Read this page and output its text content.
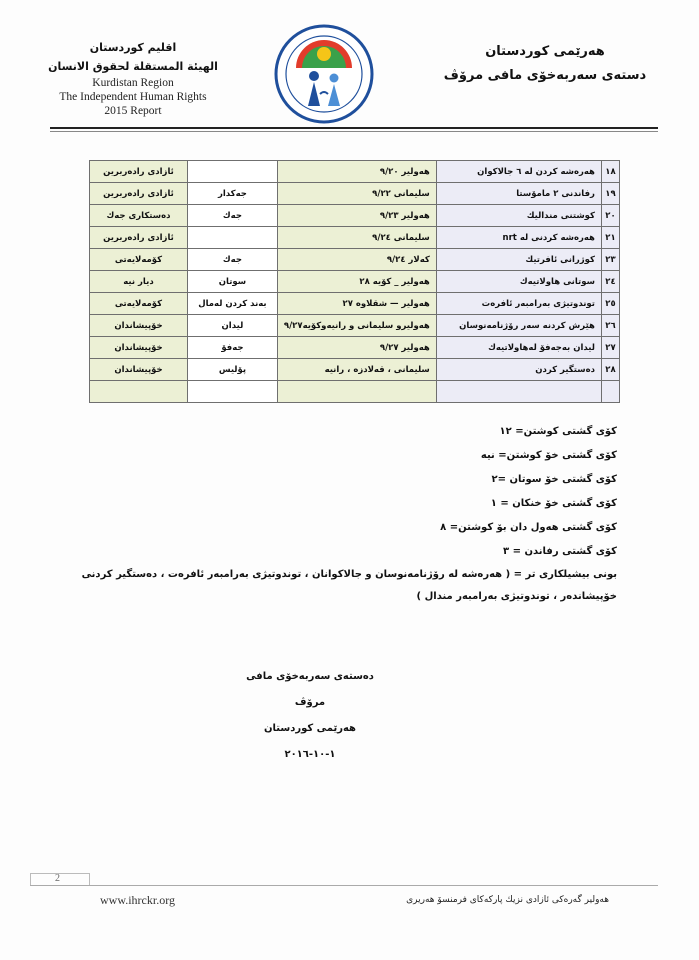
اقليم كوردستان
الهيئة المستقلة لحقوق الانسان
Kurdistan Region
The Independent Human Rights
2015 Report
هەرێمی کوردستان
دستەی سەربەخۆی مافی مرۆڤ
١٨	هەرەشە کردن لە ٦ جالاكوان	هەولیر ٩/٢٠		ئازادی رادەربرین
١٩	رفاندنی ٢ مامۆستا	سلیمانی ٩/٢٢	جەکدار	ئازادی رادەربرین
٢٠	کوشتنی منداليك	هەولیر ٩/٢٣	جەك	دەستکاری جەك
٢١	هەرەشە کردنی لە nrt	سلیمانی ٩/٢٤		ئازادی رادەربرین
٢٣	کوژرانی ئافرتیك	کەلار ٩/٢٤	جەك	کۆمەلایەتی
٢٤	سوتانی هاولاتیەك	هەولیر _ کۆیە ٢٨	سوتان	دیار نیە
٢٥	توندوتیژی بەرامبەر ئافرەت	هەولیر — شقلاوە ٢٧	بەند کردن لەمال	کۆمەلایەتی
٢٦	هێرش کردنە سەر رۆژنامەنوسان	هەولیرو سلیمانی و رانیەوکۆیە٩/٢٧	لیدان	خۆپیشاندان
٢٧	لیدان بەجەفۆ لەهاولاتیەك	هەولیر ٩/٢٧	جەفۆ	خۆپیشاندان
٢٨	دەستگیر کردن	سلیمانی ، قەلادزە ، رانیە	پۆلیس	خۆپیشاندان

کۆی گشتی کوشتن= ١٢
کۆی گشتی خۆ کوشتن= نیە
کۆی گشتی خۆ سوتان =٢
کۆی گشتی خۆ خنكان = ١
کۆی گشتی هەول دان بۆ کوشتن= ٨
کۆی گشتی رفاندن = ٣
بونی بیشیلکاری تر = ( هەرەشە لە رۆژنامەنوسان و جالاكوانان ، توندوتیژی بەرامبەر ئافرەت ، دەستگیر کردنی
خۆپیشاندەر ، توندوتیژی بەرامبەر مندال )
دەستەی سەربەخۆی مافی مرۆڤ
هەرێمی کوردستان
١-١٠-٢٠١٦
2
www.ihrckr.org	هەولیر گەرەکی ئازادی نزیك پاركەكای فرمنسۆ هەریری
